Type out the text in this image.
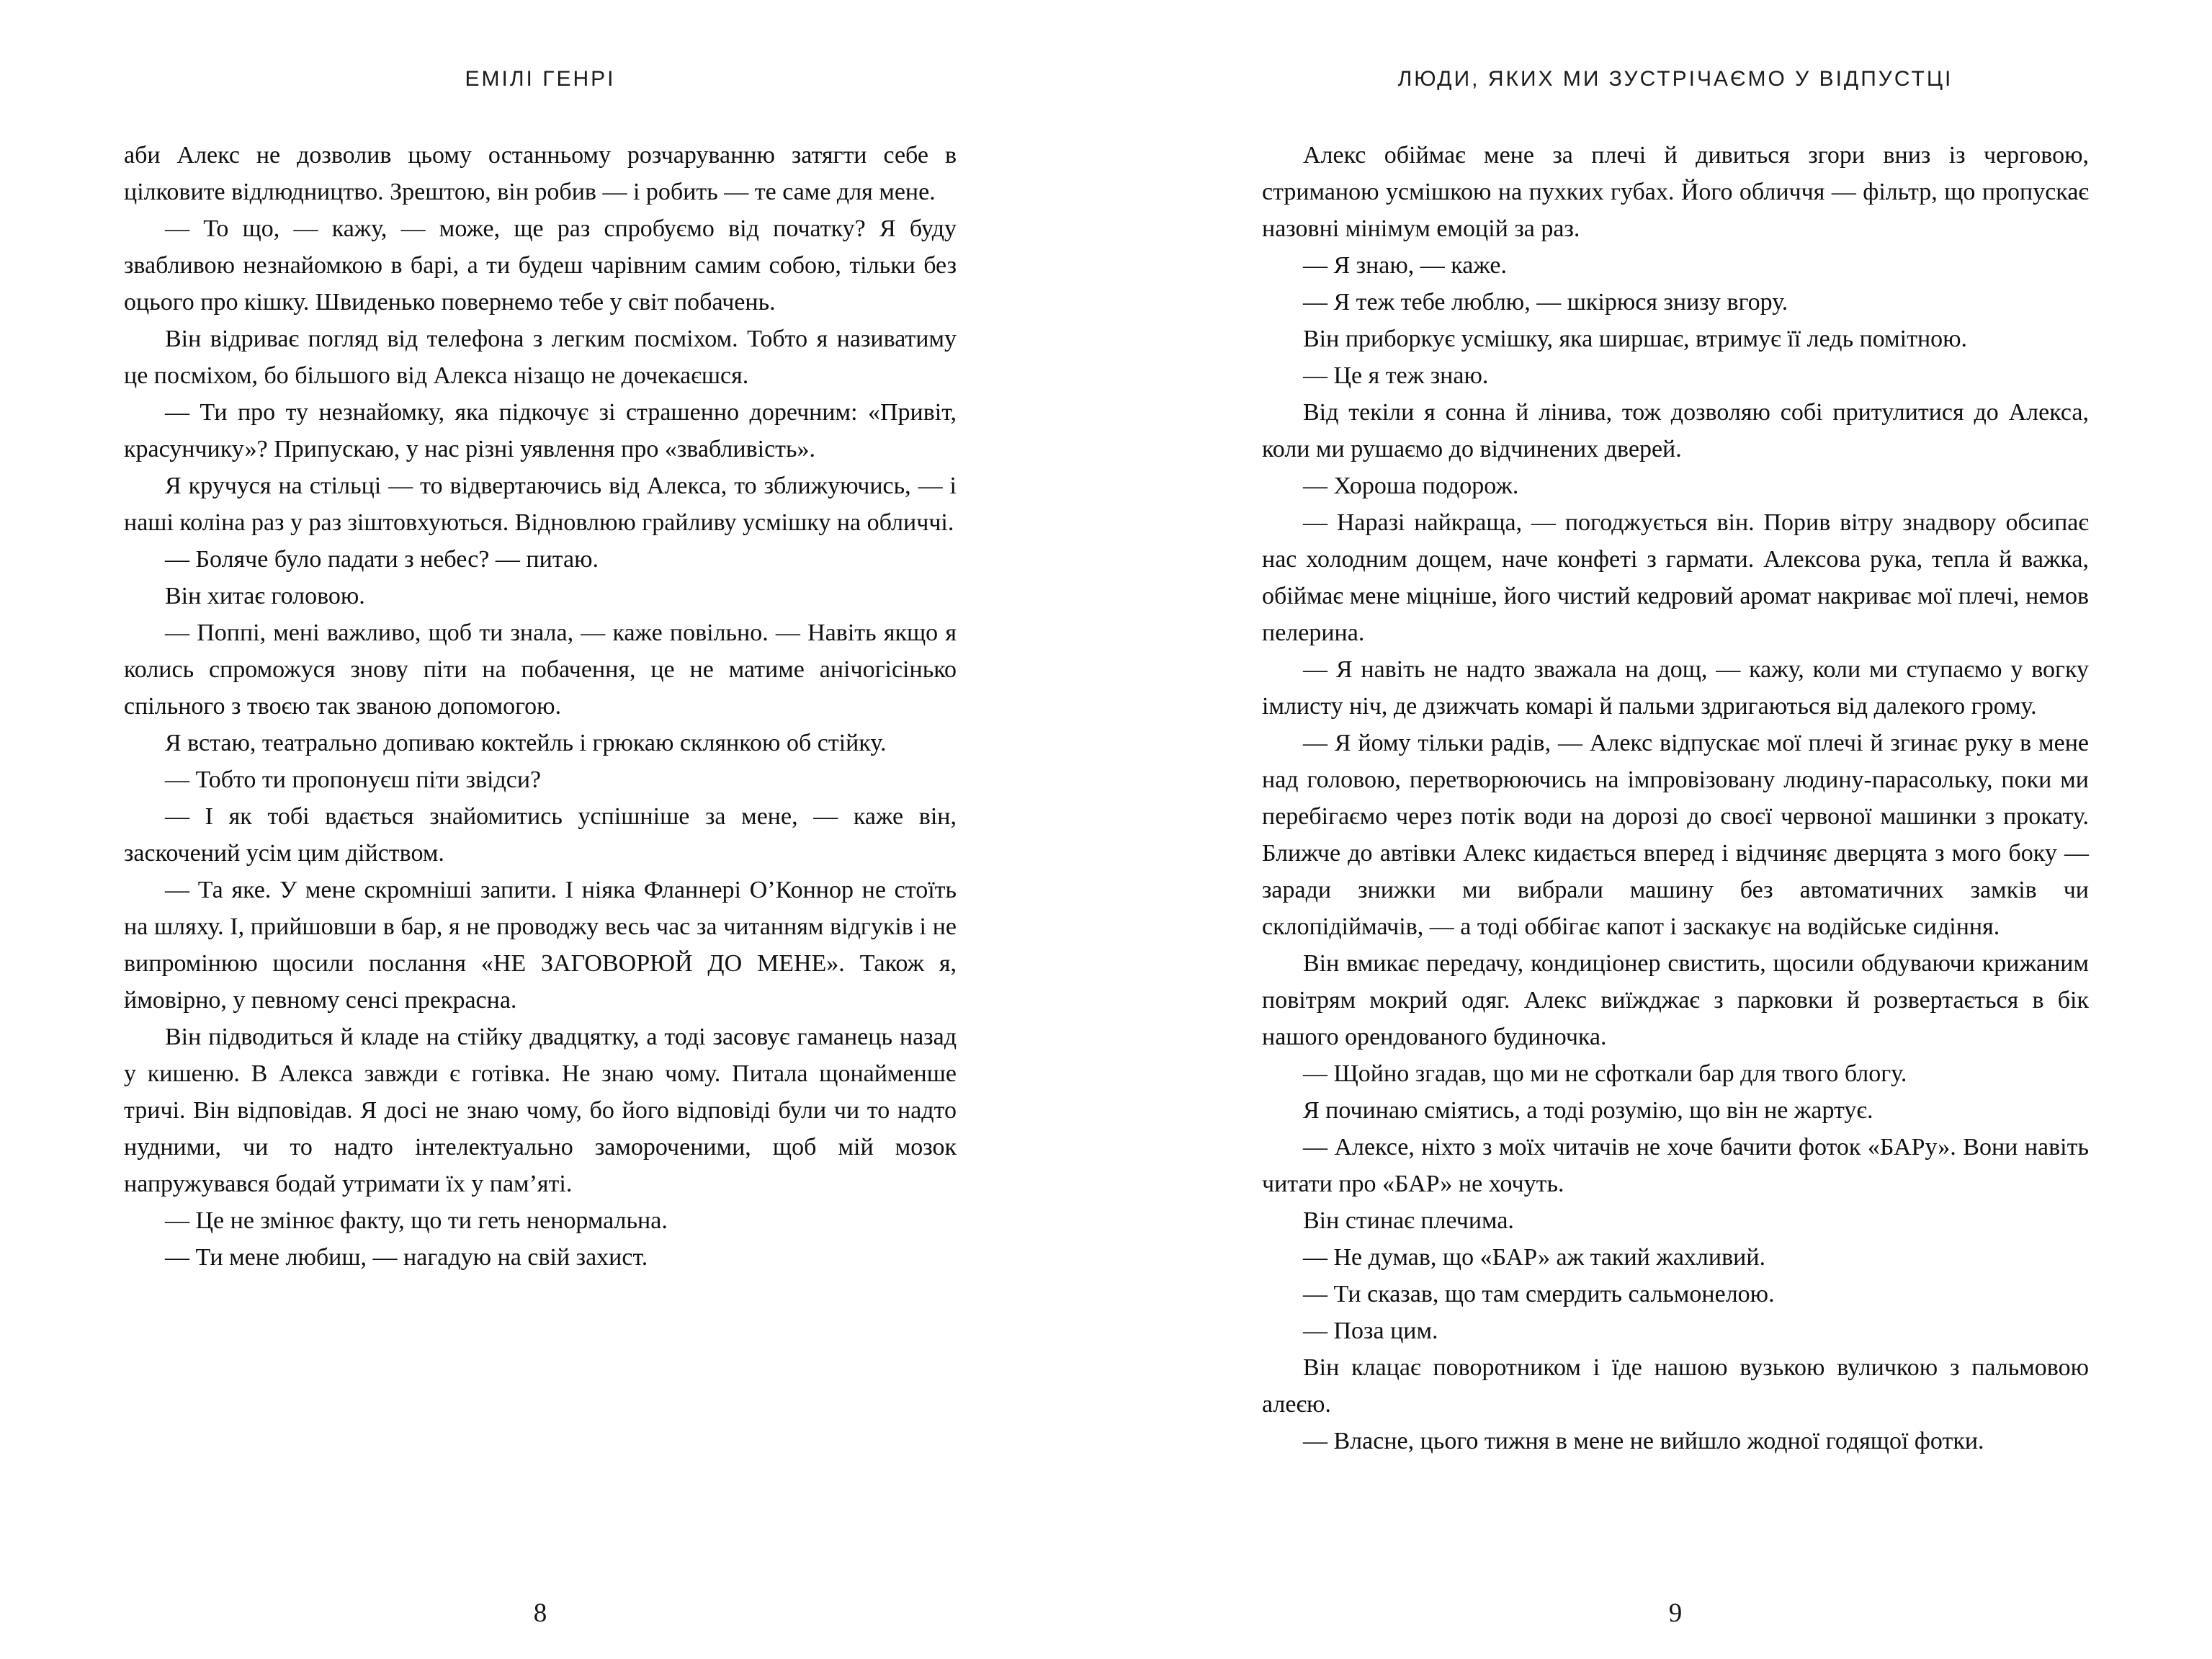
ЕМІЛІ ГЕНРІ

аби Алекс не дозволив цьому останньому розчаруванню затягти себе в цілковите відлюдництво. Зрештою, він робив — і робить — те саме для мене.

— То що, — кажу, — може, ще раз спробуємо від початку? Я буду звабливою незнайомкою в барі, а ти будеш чарівним самим собою, тільки без оцього про кішку. Швиденько повернемо тебе у світ побачень.

Він відриває погляд від телефона з легким посміхом. Тобто я називатиму це посміхом, бо більшого від Алекса нізащо не дочекаєшся.

— Ти про ту незнайомку, яка підкочує зі страшенно доречним: «Привіт, красунчику»? Припускаю, у нас різні уявлення про «звабливість».

Я кручуся на стільці — то відвертаючись від Алекса, то зближуючись, — і наші коліна раз у раз зіштовхуються. Відновлюю грайливу усмішку на обличчі.

— Боляче було падати з небес? — питаю.

Він хитає головою.

— Поппі, мені важливо, щоб ти знала, — каже повільно. — Навіть якщо я колись спроможуся знову піти на побачення, це не матиме анічогісінько спільного з твоєю так званою допомогою.

Я встаю, театрально допиваю коктейль і грюкаю склянкою об стійку.

— Тобто ти пропонуєш піти звідси?

— І як тобі вдається знайомитись успішніше за мене, — каже він, заскочений усім цим дійством.

— Та яке. У мене скромніші запити. І ніяка Фланнері О’Коннор не стоїть на шляху. І, прийшовши в бар, я не проводжу весь час за читанням відгуків і не випромінюю щосили послання «НЕ ЗАГОВОРЮЙ ДО МЕНЕ». Також я, ймовірно, у певному сенсі прекрасна.

Він підводиться й кладе на стійку двадцятку, а тоді засовує гаманець назад у кишеню. В Алекса завжди є готівка. Не знаю чому. Питала щонайменше тричі. Він відповідав. Я досі не знаю чому, бо його відповіді були чи то надто нудними, чи то надто інтелектуально замороченими, щоб мій мозок напружувався бодай утримати їх у пам’яті.

— Це не змінює факту, що ти геть ненормальна.

— Ти мене любиш, — нагадую на свій захист.

8
ЛЮДИ, ЯКИХ МИ ЗУСТРІЧАЄМО У ВІДПУСТЦІ

Алекс обіймає мене за плечі й дивиться згори вниз із черговою, стриманою усмішкою на пухких губах. Його обличчя — фільтр, що пропускає назовні мінімум емоцій за раз.

— Я знаю, — каже.

— Я теж тебе люблю, — шкірюся знизу вгору.

Він приборкує усмішку, яка ширшає, втримує її ледь помітною.

— Це я теж знаю.

Від текіли я сонна й лінива, тож дозволяю собі притулитися до Алекса, коли ми рушаємо до відчинених дверей.

— Хороша подорож.

— Наразі найкраща, — погоджується він. Порив вітру знадвору обсипає нас холодним дощем, наче конфеті з гармати. Алексова рука, тепла й важка, обіймає мене міцніше, його чистий кедровий аромат накриває мої плечі, немов пелерина.

— Я навіть не надто зважала на дощ, — кажу, коли ми ступаємо у вогку імлисту ніч, де дзижчать комарі й пальми здригаються від далекого грому.

— Я йому тільки радів, — Алекс відпускає мої плечі й згинає руку в мене над головою, перетворюючись на імпровізовану людину-парасольку, поки ми перебігаємо через потік води на дорозі до своєї червоної машинки з прокату. Ближче до автівки Алекс кидається вперед і відчиняє дверцята з мого боку — заради знижки ми вибрали машину без автоматичних замків чи склопідіймачів, — а тоді оббігає капот і заскакує на водійське сидіння.

Він вмикає передачу, кондиціонер свистить, щосили обдуваючи крижаним повітрям мокрий одяг. Алекс виїжджає з парковки й розвертається в бік нашого орендованого будиночка.

— Щойно згадав, що ми не сфоткали бар для твого блогу.

Я починаю сміятись, а тоді розумію, що він не жартує.

— Алексе, ніхто з моїх читачів не хоче бачити фоток «БАРу». Вони навіть читати про «БАР» не хочуть.

Він стинає плечима.

— Не думав, що «БАР» аж такий жахливий.

— Ти сказав, що там смердить сальмонелою.

— Поза цим.

Він клацає поворотником і їде нашою вузькою вуличкою з пальмовою алеєю.

— Власне, цього тижня в мене не вийшло жодної годящої фотки.

9
